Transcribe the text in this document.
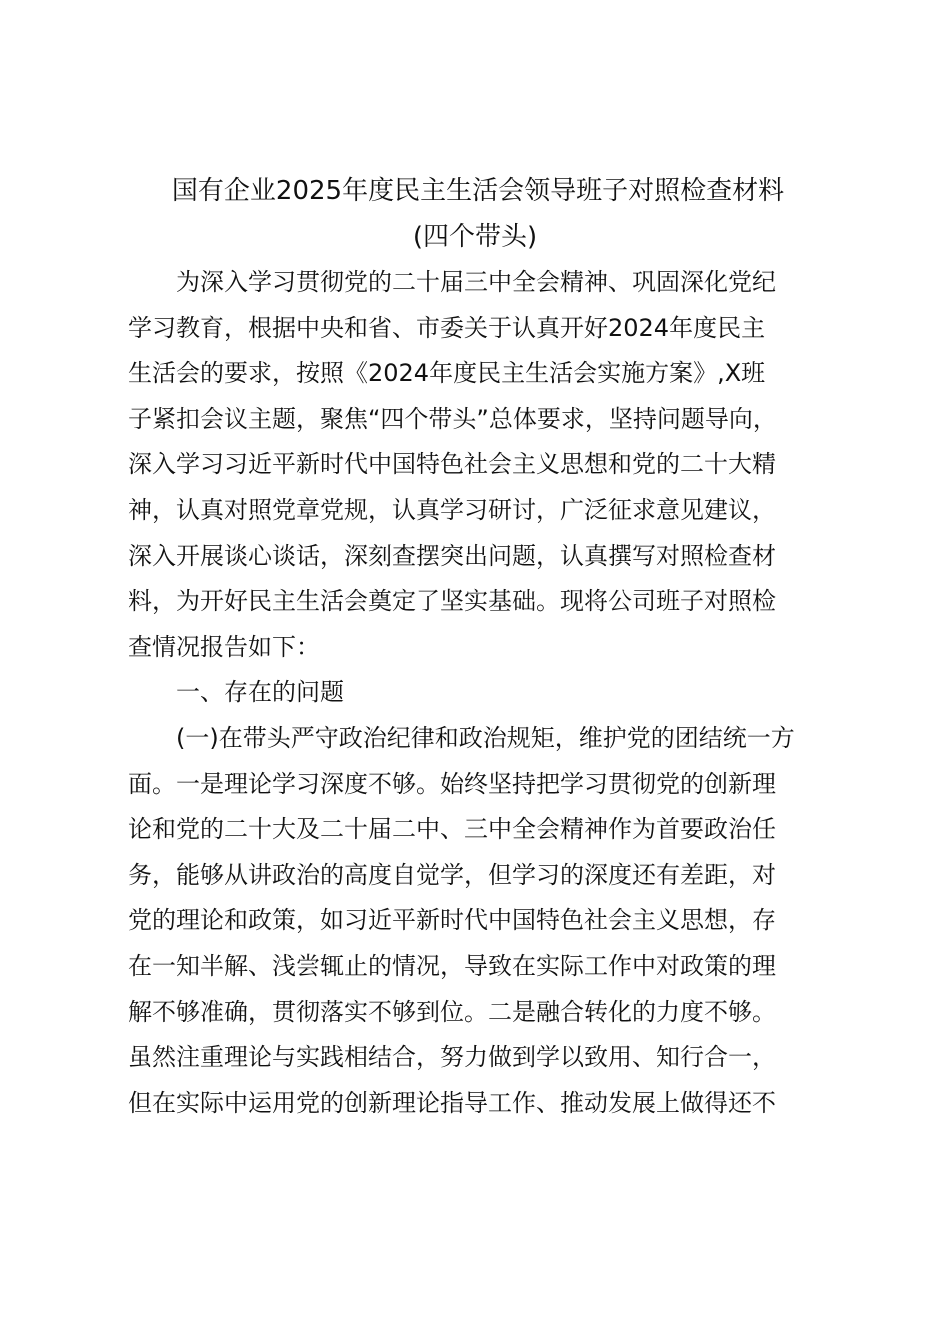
国有企业2025年度民主生活会领导班子对照检查材料
(四个带头)
为深入学习贯彻党的二十届三中全会精神、巩固深化党纪
学习教育，根据中央和省、市委关于认真开好2024年度民主
生活会的要求，按照《2024年度民主生活会实施方案》,X班
子紧扣会议主题，聚焦“四个带头”总体要求，坚持问题导向，
深入学习习近平新时代中国特色社会主义思想和党的二十大精
神，认真对照党章党规，认真学习研讨，广泛征求意见建议，
深入开展谈心谈话，深刻查摆突出问题，认真撰写对照检查材
料，为开好民主生活会奠定了坚实基础。现将公司班子对照检
查情况报告如下：
一、存在的问题
(一)在带头严守政治纪律和政治规矩，维护党的团结统一方
面。一是理论学习深度不够。始终坚持把学习贯彻党的创新理
论和党的二十大及二十届二中、三中全会精神作为首要政治任
务，能够从讲政治的高度自觉学，但学习的深度还有差距，对
党的理论和政策，如习近平新时代中国特色社会主义思想，存
在一知半解、浅尝辄止的情况，导致在实际工作中对政策的理
解不够准确，贯彻落实不够到位。二是融合转化的力度不够。
虽然注重理论与实践相结合，努力做到学以致用、知行合一，
但在实际中运用党的创新理论指导工作、推动发展上做得还不
